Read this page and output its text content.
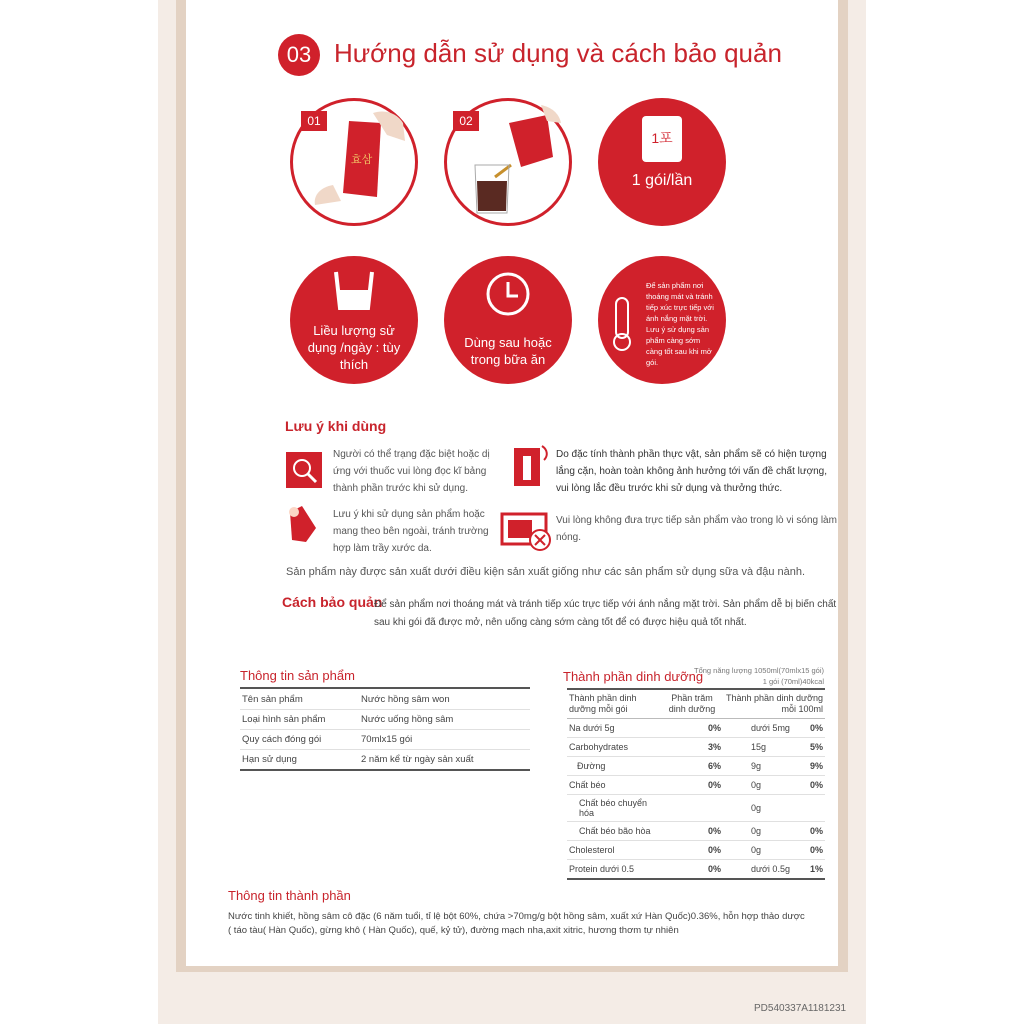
03 Hướng dẫn sử dụng và cách bảo quản
효삼
01	02
1포
1 gói/lần
Liều lượng sử dụng /ngày : tùy thích
Dùng sau hoặc trong bữa ăn
Để sản phẩm nơi thoáng mát và tránh tiếp xúc trực tiếp với ánh nắng mặt trời. Lưu ý sử dụng sản phẩm càng sớm càng tốt sau khi mở gói.
Lưu ý khi dùng
Người có thể trạng đặc biệt hoặc dị ứng với thuốc vui lòng đọc kĩ bảng thành phần trước khi sử dụng.
Do đặc tính thành phần thực vật, sản phẩm sẽ có hiện tượng lắng cặn, hoàn toàn không ảnh hưởng tới vấn đề chất lượng, vui lòng lắc đều trước khi sử dụng và thưởng thức.
Lưu ý khi sử dụng sản phẩm hoặc mang theo bên ngoài, tránh trường hợp làm trầy xước da.
Vui lòng không đưa trực tiếp sản phẩm vào trong lò vi sóng làm nóng.
Sản phẩm này được sản xuất dưới điều kiện sản xuất giống như các sản phẩm sử dụng sữa và đậu nành.
Cách bảo quản
Để sản phẩm nơi thoáng mát và tránh tiếp xúc trực tiếp với ánh nắng mặt trời. Sản phẩm dễ bị biến chất sau khi gói đã được mở, nên uống càng sớm càng tốt để có được hiệu quả tốt nhất.
Thông tin sản phẩm
Tên sản phẩm	Nước hồng sâm won
Loại hình sản phẩm	Nước uống hồng sâm
Quy cách đóng gói	70mlx15 gói
Hạn sử dụng	2 năm kể từ ngày sản xuất
Thành phần dinh dưỡng
Tổng năng lượng 1050ml(70mlx15 gói)
1 gói (70ml)40kcal
Thành phần dinh dưỡng mỗi gói	Phần trăm dinh dưỡng	Thành phần dinh dưỡng mỗi 100ml	
Na dưới 5g	0%	dưới 5mg	0%
Carbohydrates	3%	15g	5%
Đường	6%	9g	9%
Chất béo	0%	0g	0%
Chất béo chuyển hóa		0g	
Chất béo bão hòa	0%	0g	0%
Cholesterol	0%	0g	0%
Protein dưới 0.5	0%	dưới 0.5g	1%
Thông tin thành phần
Nước tinh khiết, hồng sâm cô đặc (6 năm tuổi, tỉ lệ bột 60%, chứa >70mg/g bột hồng sâm, xuất xứ Hàn Quốc)0.36%, hỗn hợp thảo dược ( táo tàu( Hàn Quốc), gừng khô ( Hàn Quốc), quế, kỷ tử), đường mạch nha,axit xitric, hương thơm tự nhiên
PD540337A1181231
